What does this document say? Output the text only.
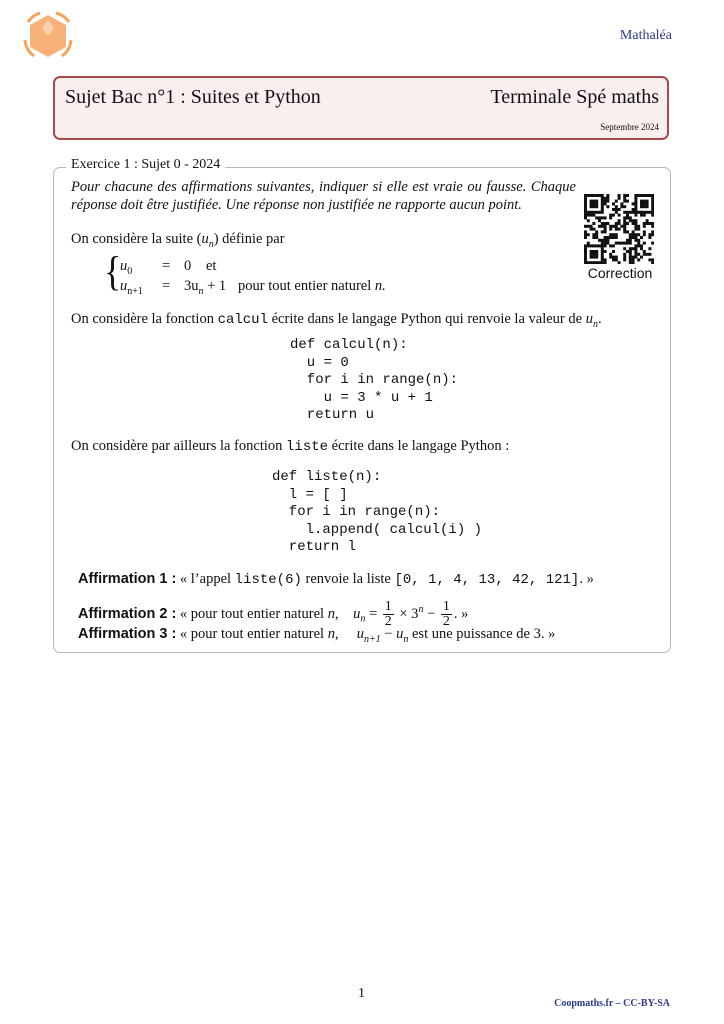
Mathaléa
Sujet Bac n°1 : Suites et Python	Terminale Spé maths
Septembre 2024
Exercice 1 : Sujet 0 - 2024
Pour chacune des affirmations suivantes, indiquer si elle est vraie ou fausse. Chaque réponse doit être justifiée. Une réponse non justifiée ne rapporte aucun point.
Correction
On considère la suite $(u_n)$ définie par
{
$u_0 = 0$ et
$u_{n+1} = 3u_n + 1$ pour tout entier naturel n.
On considère la fonction calcul écrite dans le langage Python qui renvoie la valeur de $u_n$.
def calcul(n):
u = 0
for i in range(n):
u = 3 * u + 1
return u
On considère par ailleurs la fonction liste écrite dans le langage Python :
def liste(n):
l = [ ]
for i in range(n):
l.append( calcul(i) )
return l
Affirmation 1 : « l’appel liste(6) renvoie la liste [0, 1, 4, 13, 42, 121]. »
Affirmation 2 : « pour tout entier naturel n,    $u_n = \frac{1}{2} \times 3^n - \frac{1}{2}$ . »
Affirmation 3 : « pour tout entier naturel n,     $u_{n+1} - u_n$ est une puissance de 3. »
1
Coopmaths.fr – CC-BY-SA
